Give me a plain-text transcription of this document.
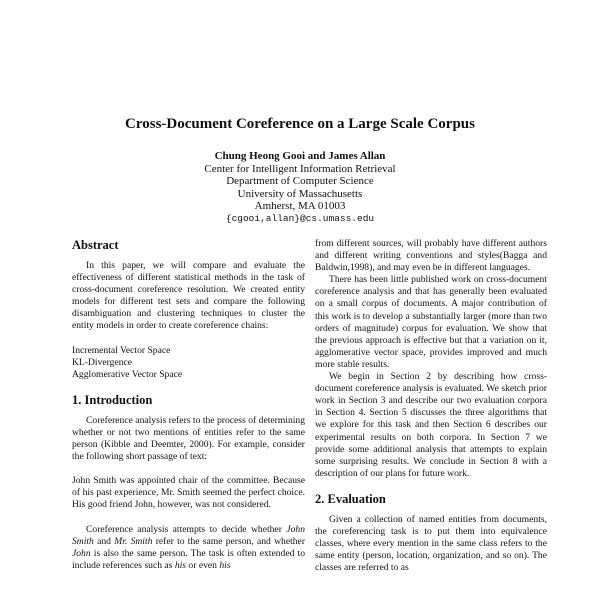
Cross-Document Coreference on a Large Scale Corpus
Chung Heong Gooi and James Allan
Center for Intelligent Information Retrieval
Department of Computer Science
University of Massachusetts
Amherst, MA 01003
{cgooi,allan}@cs.umass.edu
Abstract

In this paper, we will compare and evaluate the effectiveness of different statistical methods in the task of cross-document coreference resolution. We created entity models for different test sets and compare the following disambiguation and clustering techniques to cluster the entity models in order to create coreference chains:

Incremental Vector Space
KL-Divergence
Agglomerative Vector Space
1. Introduction

Coreference analysis refers to the process of determining whether or not two mentions of entities refer to the same person (Kibble and Deemter, 2000). For example, consider the following short passage of text:

John Smith was appointed chair of the committee. Because of his past experience, Mr. Smith seemed the perfect choice. His good friend John, however, was not considered.

Coreference analysis attempts to decide whether John Smith and Mr. Smith refer to the same person, and whether John is also the same person. The task is often extended to include references such as his or even his

from different sources, will probably have different authors and different writing conventions and styles(Bagga and Baldwin,1998), and may even be in different languages.

There has been little published work on cross-document coreference analysis and that has generally been evaluated on a small corpus of documents. A major contribution of this work is to develop a substantially larger (more than two orders of magnitude) corpus for evaluation. We show that the previous approach is effective but that a variation on it, agglomerative vector space, provides improved and much more stable results.

We begin in Section 2 by describing how cross-document coreference analysis is evaluated. We sketch prior work in Section 3 and describe our two evaluation corpora in Section 4. Section 5 discusses the three algorithms that we explore for this task and then Section 6 describes our experimental results on both corpora. In Section 7 we provide some additional analysis that attempts to explain some surprising results. We conclude in Section 8 with a description of our plans for future work.

2. Evaluation

Given a collection of named entities from documents, the coreferencing task is to put them into equivalence classes, where every mention in the same class refers to the same entity (person, location, organization, and so on). The classes are referred to as
